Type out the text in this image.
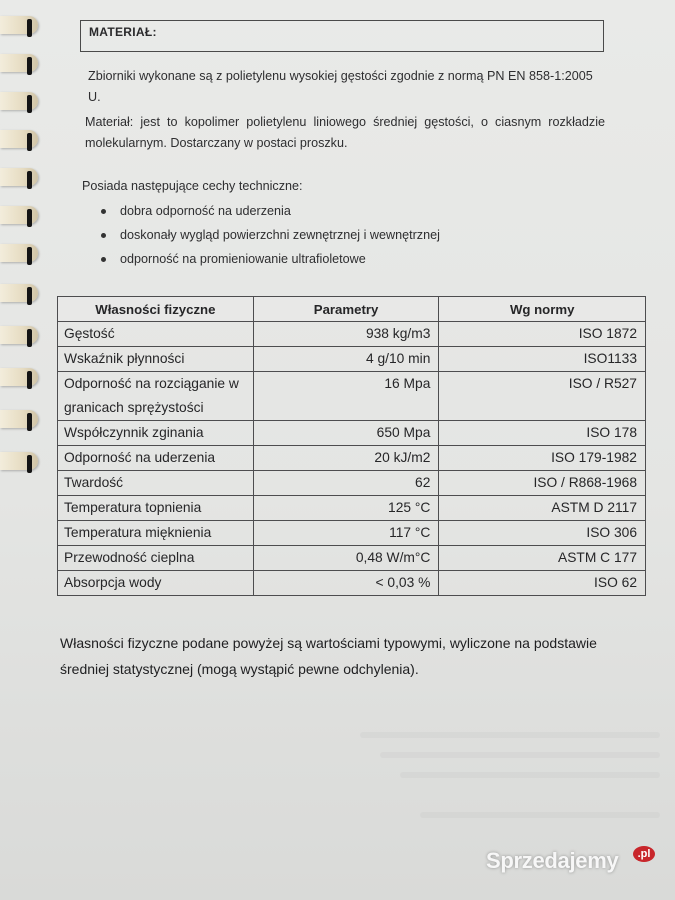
MATERIAŁ:
Zbiorniki wykonane są z polietylenu wysokiej gęstości zgodnie z normą PN EN 858-1:2005 U.
Materiał: jest to kopolimer polietylenu liniowego średniej gęstości, o ciasnym rozkładzie molekularnym. Dostarczany w postaci proszku.
Posiada następujące cechy techniczne:
dobra odporność na uderzenia
doskonały wygląd powierzchni zewnętrznej i wewnętrznej
odporność na promieniowanie ultrafioletowe
Własności fizyczne	Parametry	Wg normy
Gęstość	938 kg/m3	ISO 1872
Wskaźnik płynności	4 g/10 min	ISO1133
Odporność na rozciąganie w granicach sprężystości	16 Mpa	ISO / R527
Współczynnik zginania	650 Mpa	ISO 178
Odporność na uderzenia	20 kJ/m2	ISO 179-1982
Twardość	62	ISO / R868-1968
Temperatura topnienia	125 °C	ASTM D 2117
Temperatura mięknienia	117 °C	ISO 306
Przewodność cieplna	0,48 W/m°C	ASTM C 177
Absorpcja wody	< 0,03 %	ISO 62
Własności fizyczne podane powyżej są wartościami typowymi, wyliczone na podstawie średniej statystycznej (mogą wystąpić pewne odchylenia).
Sprzedajemy	.pl
